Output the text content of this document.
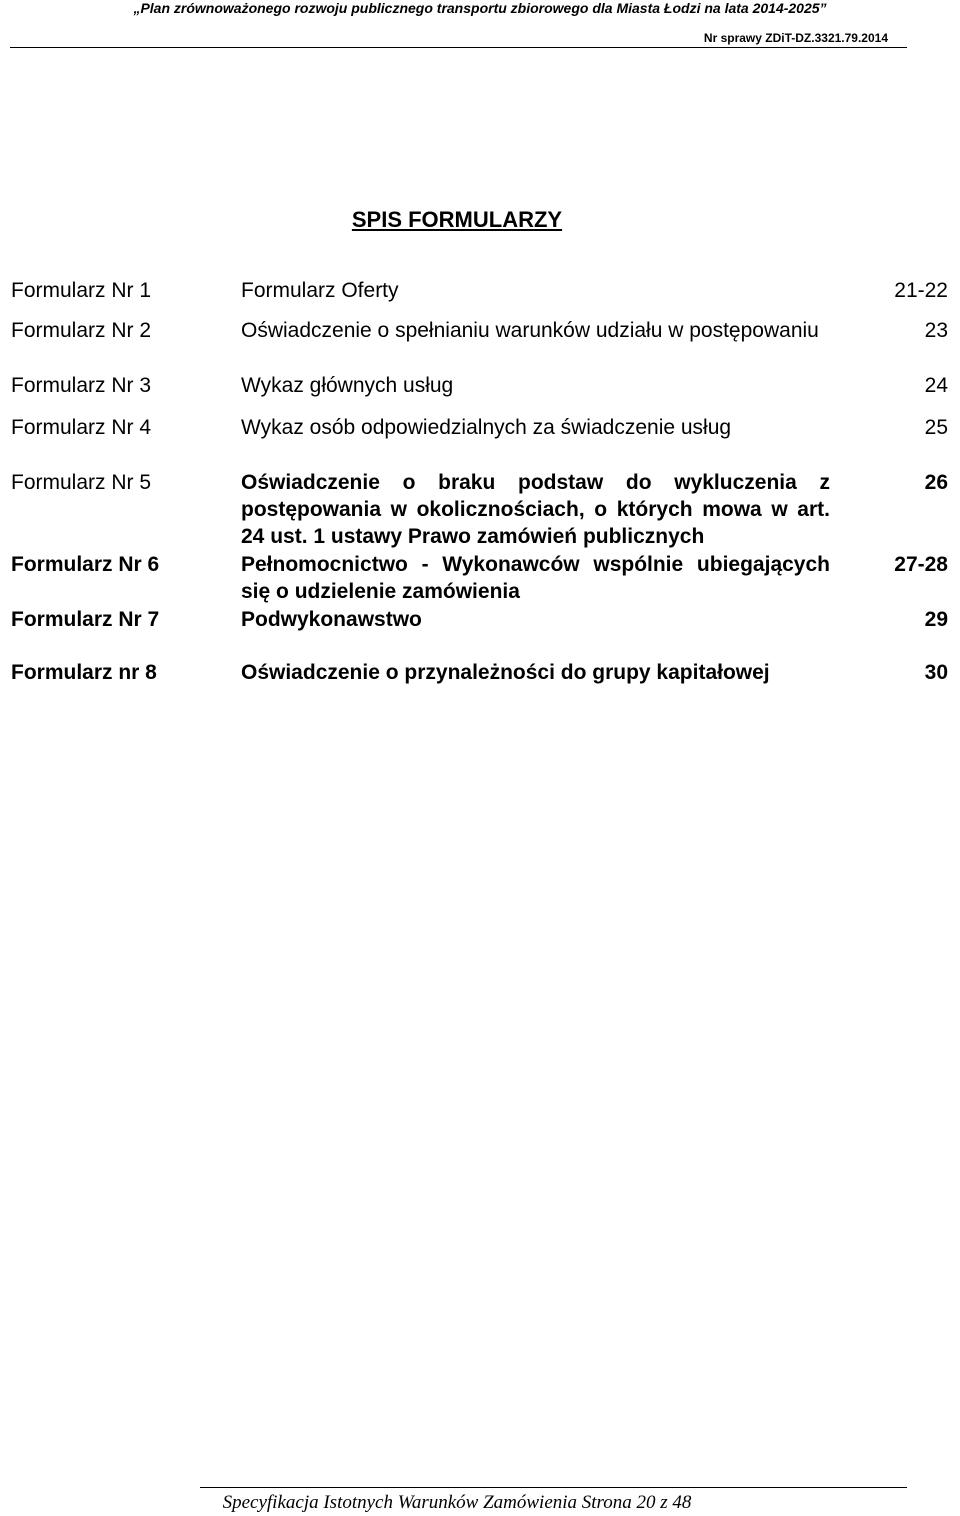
„Plan zrównoważonego rozwoju publicznego transportu zbiorowego dla Miasta Łodzi na lata 2014-2025”
Nr sprawy ZDiT-DZ.3321.79.2014
SPIS FORMULARZY
Formularz Nr 1	Formularz Oferty	21-22
Formularz Nr 2	Oświadczenie o spełnianiu warunków udziału w postępowaniu	23
Formularz Nr 3	Wykaz głównych usług	24
Formularz Nr 4	Wykaz osób odpowiedzialnych za świadczenie usług	25
Formularz Nr 5	Oświadczenie o braku podstaw do wykluczenia z postępowania w okolicznościach, o których mowa w art. 24 ust. 1 ustawy Prawo zamówień publicznych	26
Formularz Nr 6	Pełnomocnictwo - Wykonawców wspólnie ubiegających się o udzielenie zamówienia	27-28
Formularz Nr 7	Podwykonawstwo	29
Formularz nr 8	Oświadczenie o przynależności do grupy kapitałowej	30
Specyfikacja Istotnych Warunków Zamówienia Strona 20 z 48
